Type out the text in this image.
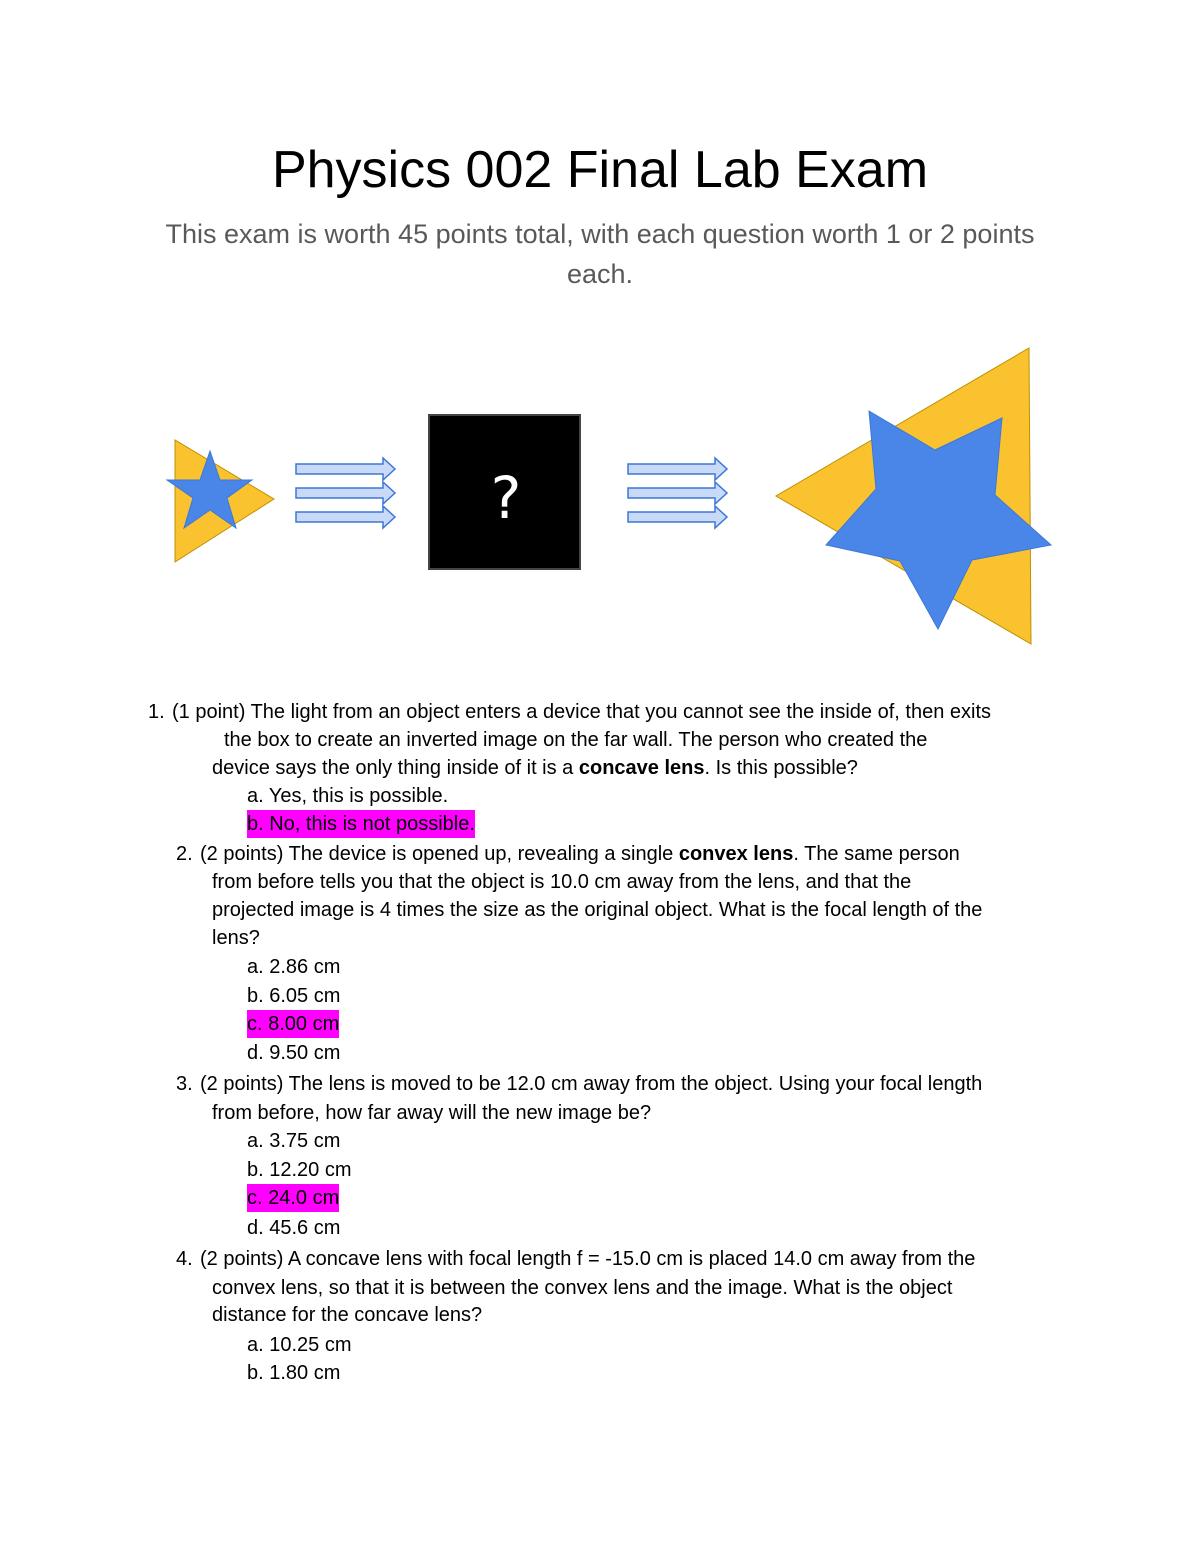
Physics 002 Final Lab Exam
This exam is worth 45 points total, with each question worth 1 or 2 points each.
?
1. (1 point) The light from an object enters a device that you cannot see the inside of, then exits
the box to create an inverted image on the far wall. The person who created the
device says the only thing inside of it is a concave lens. Is this possible?
a. Yes, this is possible.
b. No, this is not possible.
2. (2 points) The device is opened up, revealing a single convex lens. The same person
from before tells you that the object is 10.0 cm away from the lens, and that the
projected image is 4 times the size as the original object. What is the focal length of the
lens?
a. 2.86 cm
b. 6.05 cm
c. 8.00 cm
d. 9.50 cm
3. (2 points) The lens is moved to be 12.0 cm away from the object. Using your focal length
from before, how far away will the new image be?
a. 3.75 cm
b. 12.20 cm
c. 24.0 cm
d. 45.6 cm
4. (2 points) A concave lens with focal length f = -15.0 cm is placed 14.0 cm away from the
convex lens, so that it is between the convex lens and the image. What is the object
distance for the concave lens?
a. 10.25 cm
b. 1.80 cm
